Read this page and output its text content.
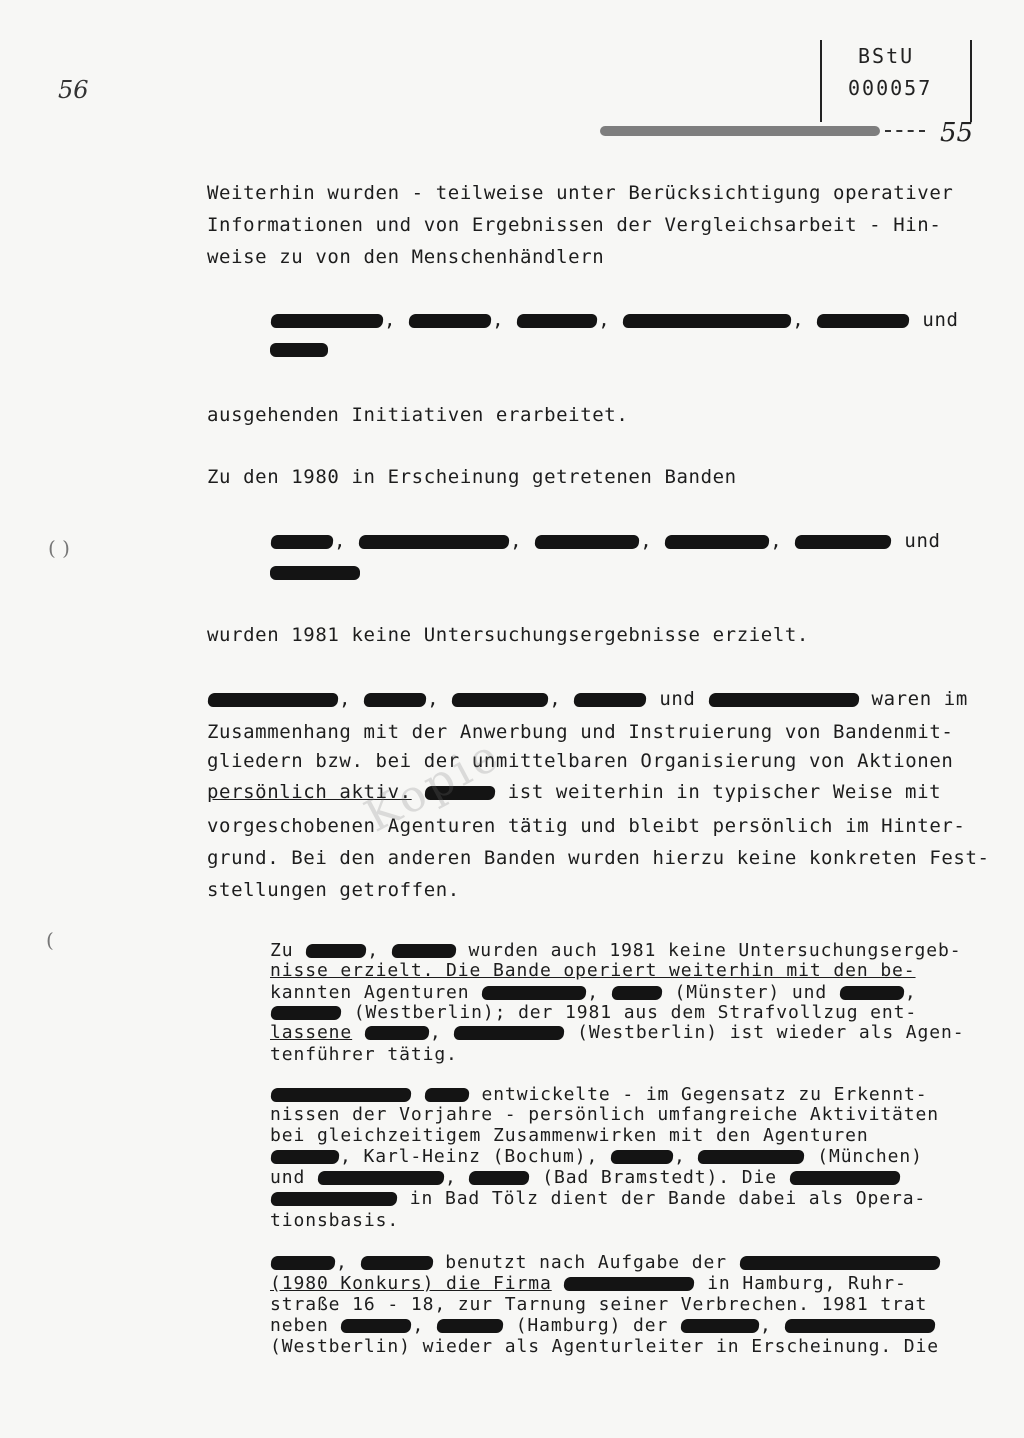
56
BStU
000057
55
Weiterhin wurden - teilweise unter Berücksichtigung operativer
Informationen und von Ergebnissen der Vergleichsarbeit - Hin-
weise zu von den Menschenhändlern
,	,	,	,	und
ausgehenden Initiativen erarbeitet.
Zu den 1980 in Erscheinung getretenen Banden
,	,	,	,	und
wurden 1981 keine Untersuchungsergebnisse erzielt.
,	,	,	und	waren im
Zusammenhang mit der Anwerbung und Instruierung von Bandenmit-
gliedern bzw. bei der unmittelbaren Organisierung von Aktionen
persönlich aktiv.	ist weiterhin in typischer Weise mit
vorgeschobenen Agenturen tätig und bleibt persönlich im Hinter-
grund. Bei den anderen Banden wurden hierzu keine konkreten Fest-
stellungen getroffen.
Kopie
( )
(	Zu	,	wurden auch 1981 keine Untersuchungsergeb-
nisse erzielt. Die Bande operiert weiterhin mit den be-
kannten Agenturen	,	(Münster) und	,
(Westberlin); der 1981 aus dem Strafvollzug ent-
lassene	,	(Westberlin) ist wieder als Agen-
tenführer tätig.
entwickelte - im Gegensatz zu Erkennt-
nissen der Vorjahre - persönlich umfangreiche Aktivitäten
bei gleichzeitigem Zusammenwirken mit den Agenturen
, Karl-Heinz (Bochum),	,	(München)
und	,	(Bad Bramstedt). Die
in Bad Tölz dient der Bande dabei als Opera-
tionsbasis.
,	benutzt nach Aufgabe der
(1980 Konkurs) die Firma	in Hamburg, Ruhr-
straße 16 - 18, zur Tarnung seiner Verbrechen. 1981 trat
neben	,	(Hamburg) der	,
(Westberlin) wieder als Agenturleiter in Erscheinung. Die
